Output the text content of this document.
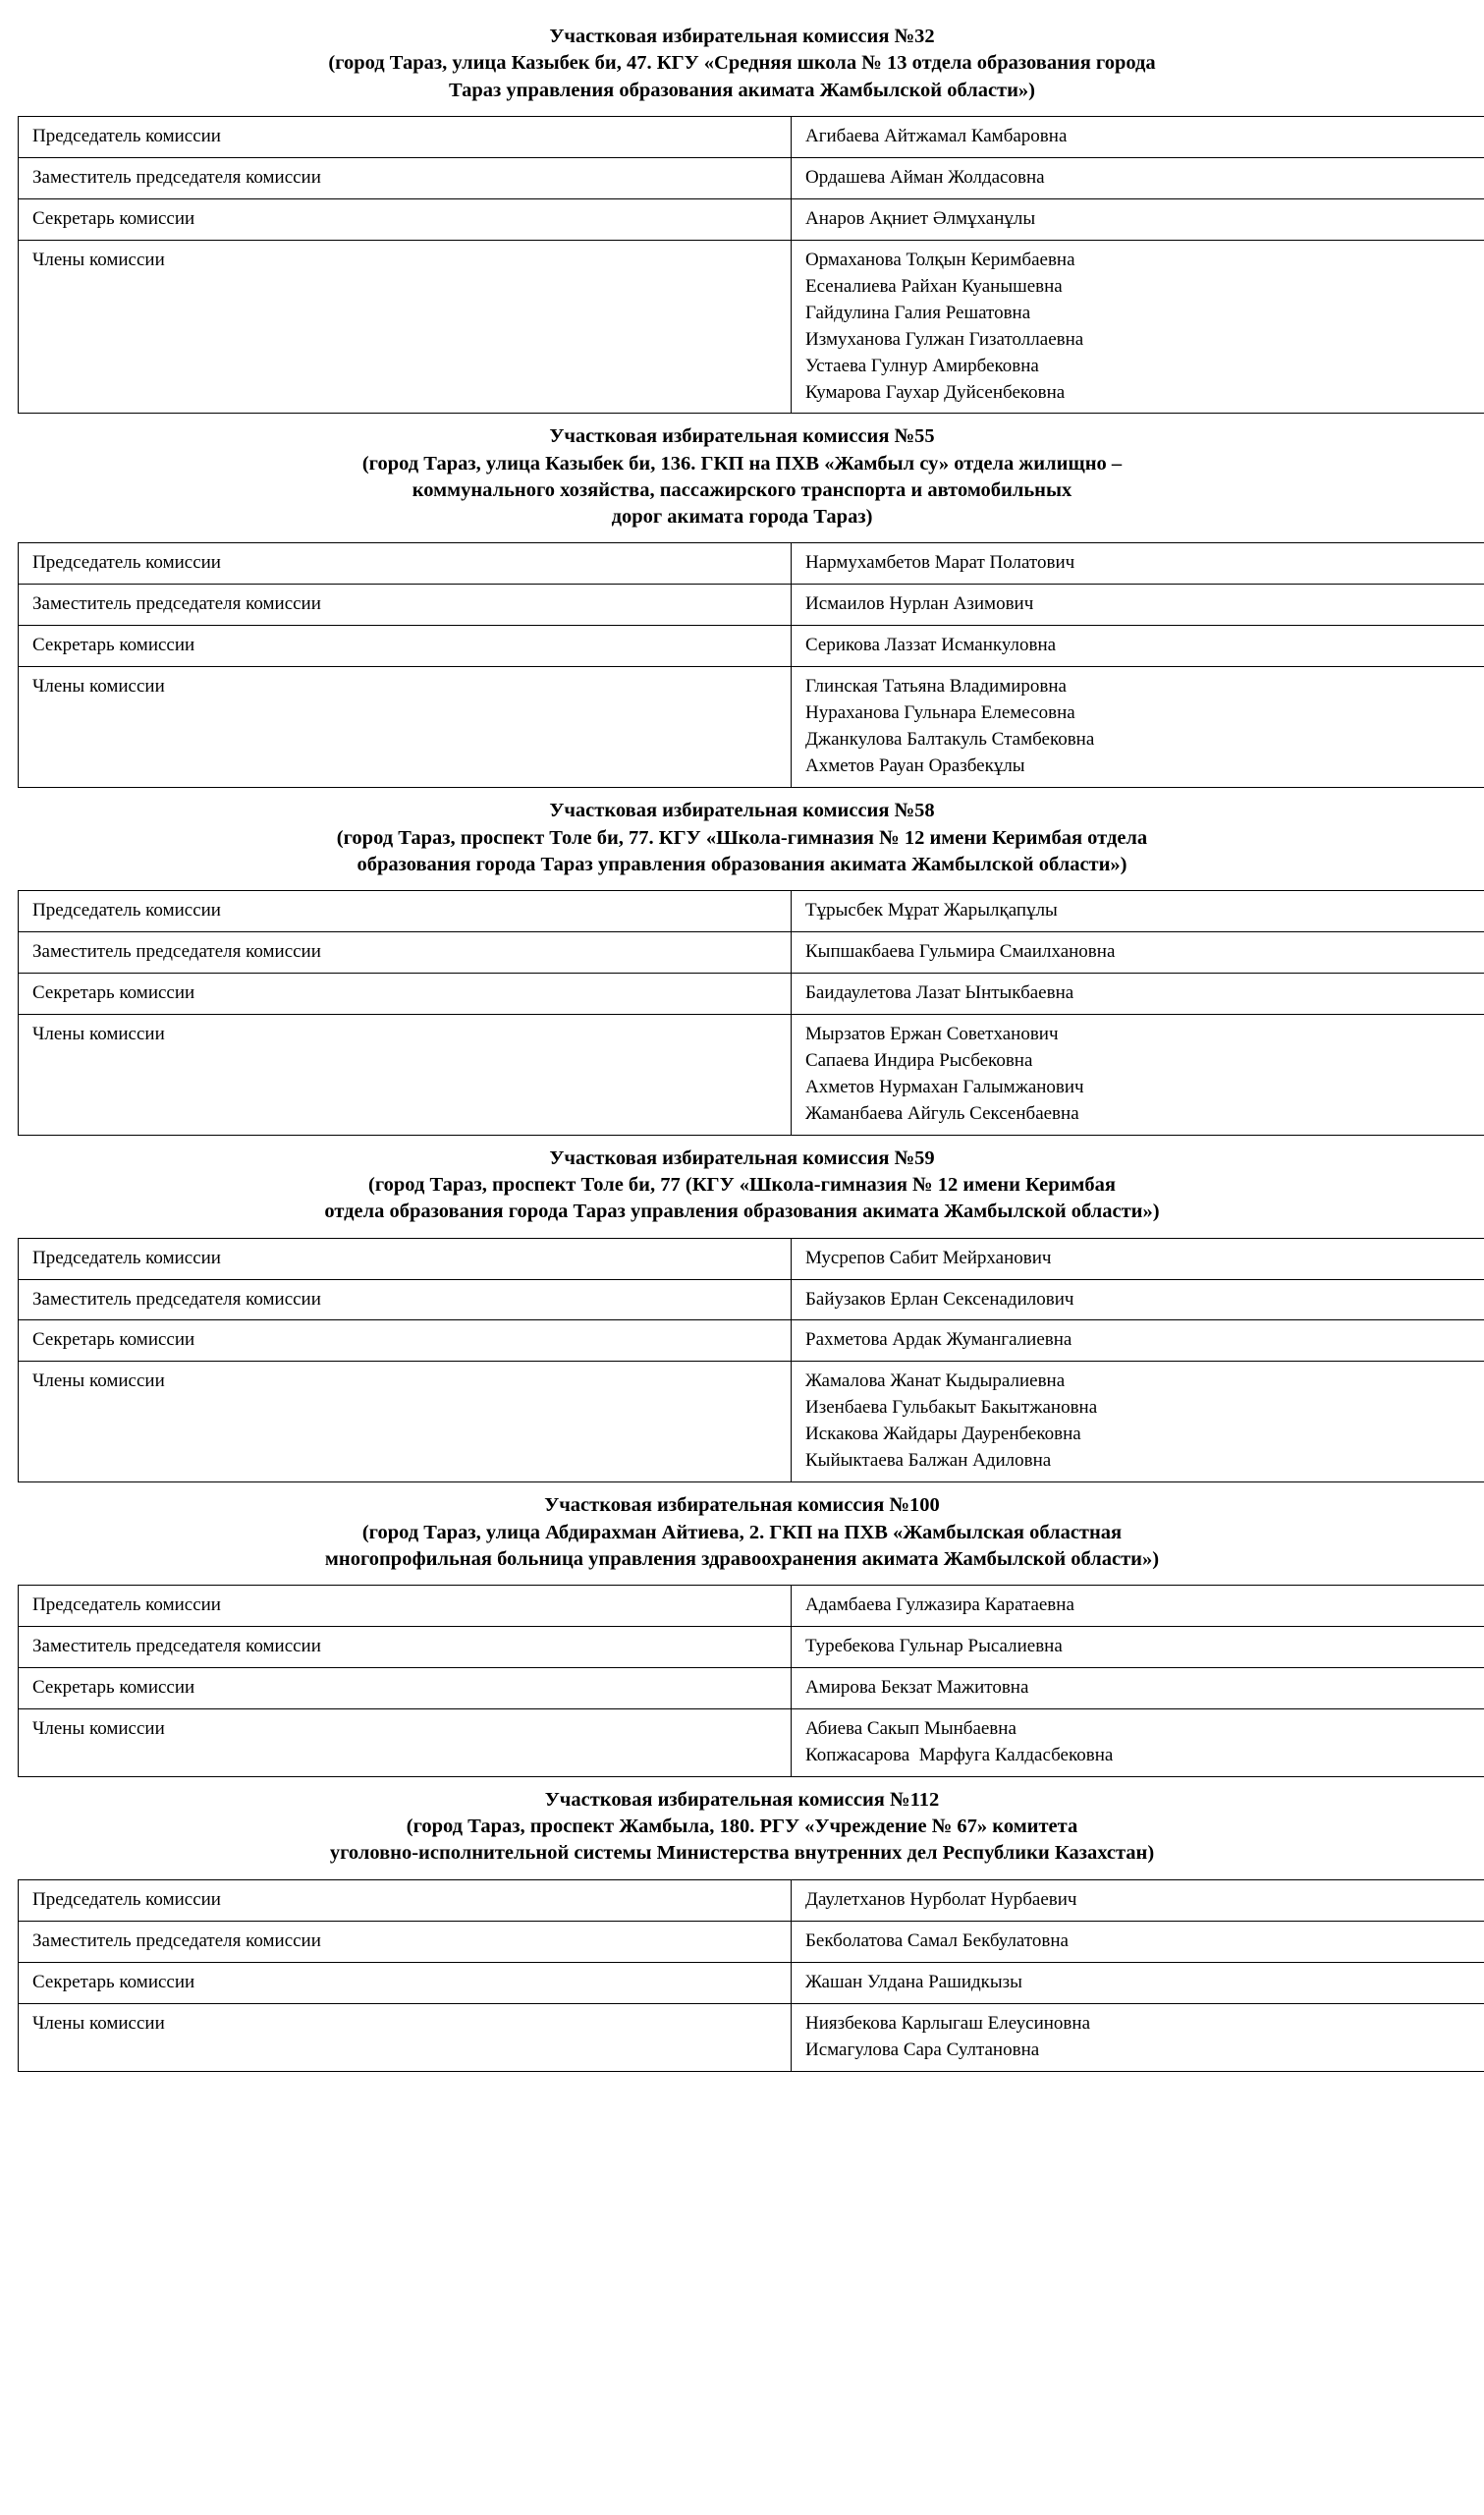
Участковая избирательная комиссия №32
(город Тараз, улица Казыбек би, 47. КГУ «Средняя школа № 13 отдела образования города
Тараз управления образования акимата Жамбылской области»)
Председатель комиссии	Агибаева Айтжамал Камбаровна

Заместитель председателя комиссии	Ордашева Айман Жолдасовна

Секретарь комиссии	Анаров Ақниет Әлмұханұлы

Члены комиссии	Ормаханова Толқын Керимбаевна
Есеналиева Райхан Куанышевна
Гайдулина Галия Решатовна
Измуханова Гулжан Гизатоллаевна
Устаева Гулнур Амирбековна
Кумарова Гаухар Дуйсенбековна
Участковая избирательная комиссия №55
(город Тараз, улица Казыбек би, 136. ГКП на ПХВ «Жамбыл су» отдела жилищно –
коммунального хозяйства, пассажирского транспорта и автомобильных
дорог акимата города Тараз)
Председатель комиссии	Нармухамбетов Марат Полатович

Заместитель председателя комиссии	Исмаилов Нурлан Азимович

Секретарь комиссии	Серикова Лаззат Исманкуловна

Члены комиссии	Глинская Татьяна Владимировна
Нураханова Гульнара Елемесовна
Джанкулова Балтакуль Стамбековна
Ахметов Рауан Оразбекұлы
Участковая избирательная комиссия №58
(город Тараз, проспект Толе би, 77. КГУ «Школа-гимназия № 12 имени Керимбая отдела
образования города Тараз управления образования акимата Жамбылской области»)
Председатель комиссии	Тұрысбек Мұрат Жарылқапұлы

Заместитель председателя комиссии	Кыпшакбаева Гульмира Смаилхановна

Секретарь комиссии	Баидаулетова Лазат Ынтыкбаевна

Члены комиссии	Мырзатов Ержан Советханович
Сапаева Индира Рысбековна
Ахметов Нурмахан Галымжанович
Жаманбаева Айгуль Сексенбаевна
Участковая избирательная комиссия №59
(город Тараз, проспект Толе би, 77 (КГУ «Школа-гимназия № 12 имени Керимбая
отдела образования города Тараз управления образования акимата Жамбылской области»)
Председатель комиссии	Мусрепов Сабит Мейрханович

Заместитель председателя комиссии	Байузаков Ерлан Сексенадилович

Секретарь комиссии	Рахметова Ардак Жумангалиевна

Члены комиссии	Жамалова Жанат Кыдыралиевна
Изенбаева Гульбакыт Бакытжановна
Искакова Жайдары Дауренбековна
Кыйыктаева Балжан Адиловна
Участковая избирательная комиссия №100
(город Тараз, улица Абдирахман Айтиева, 2. ГКП на ПХВ «Жамбылская областная
многопрофильная больница управления здравоохранения акимата Жамбылской области»)
Председатель комиссии	Адамбаева Гулжазира Каратаевна

Заместитель председателя комиссии	Туребекова Гульнар Рысалиевна

Секретарь комиссии	Амирова Бекзат Мажитовна

Члены комиссии	Абиева Сакып Мынбаевна
Копжасарова  Марфуга Калдасбековна
Участковая избирательная комиссия №112
(город Тараз, проспект Жамбыла, 180. РГУ «Учреждение № 67» комитета
уголовно-исполнительной системы Министерства внутренних дел Республики Казахстан)
Председатель комиссии	Даулетханов Нурболат Нурбаевич

Заместитель председателя комиссии	Бекболатова Самал Бекбулатовна

Секретарь комиссии	Жашан Улдана Рашидкызы

Члены комиссии	Ниязбекова Карлыгаш Елеусиновна
Исмагулова Сара Султановна
